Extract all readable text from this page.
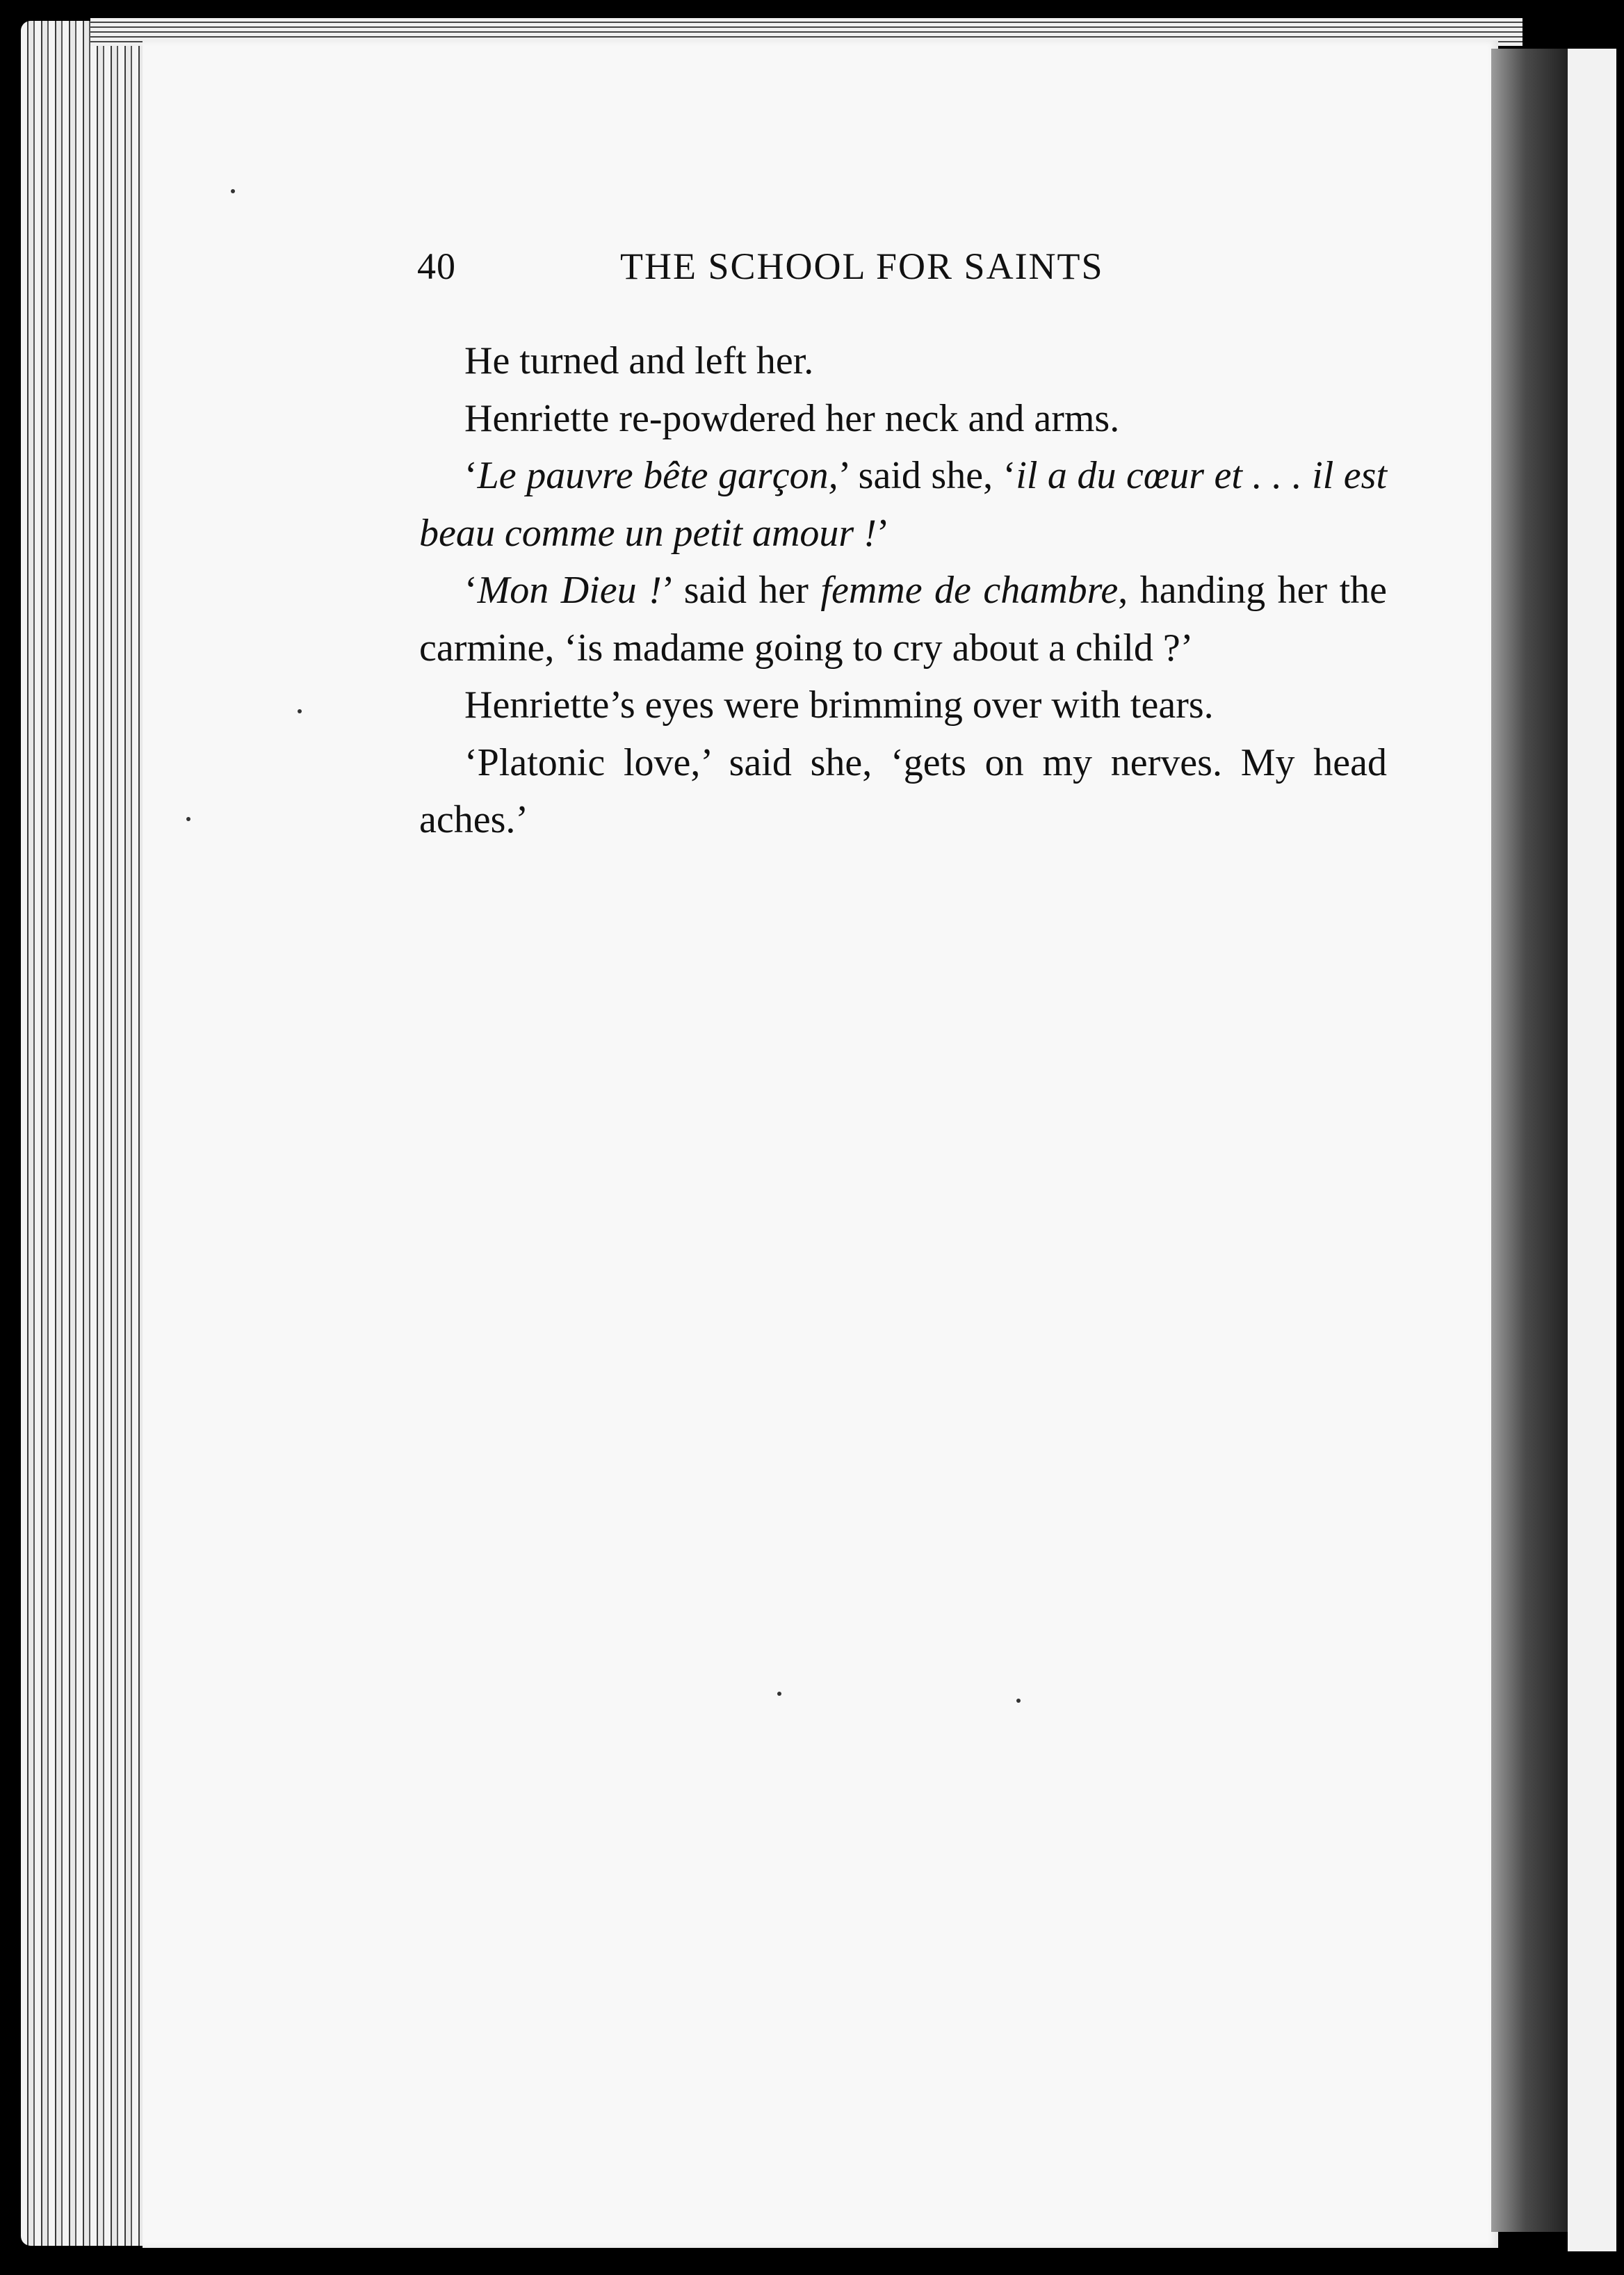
40	THE SCHOOL FOR SAINTS

He turned and left her.

Henriette re-powdered her neck and arms.

‘Le pauvre bête garçon,’ said she, ‘il a du cœur et . . . il est beau comme un petit amour !’

‘Mon Dieu !’ said her femme de chambre, handing her the carmine, ‘is madame going to cry about a child ?’

Henriette’s eyes were brimming over with tears.

‘Platonic love,’ said she, ‘gets on my nerves. My head aches.’
